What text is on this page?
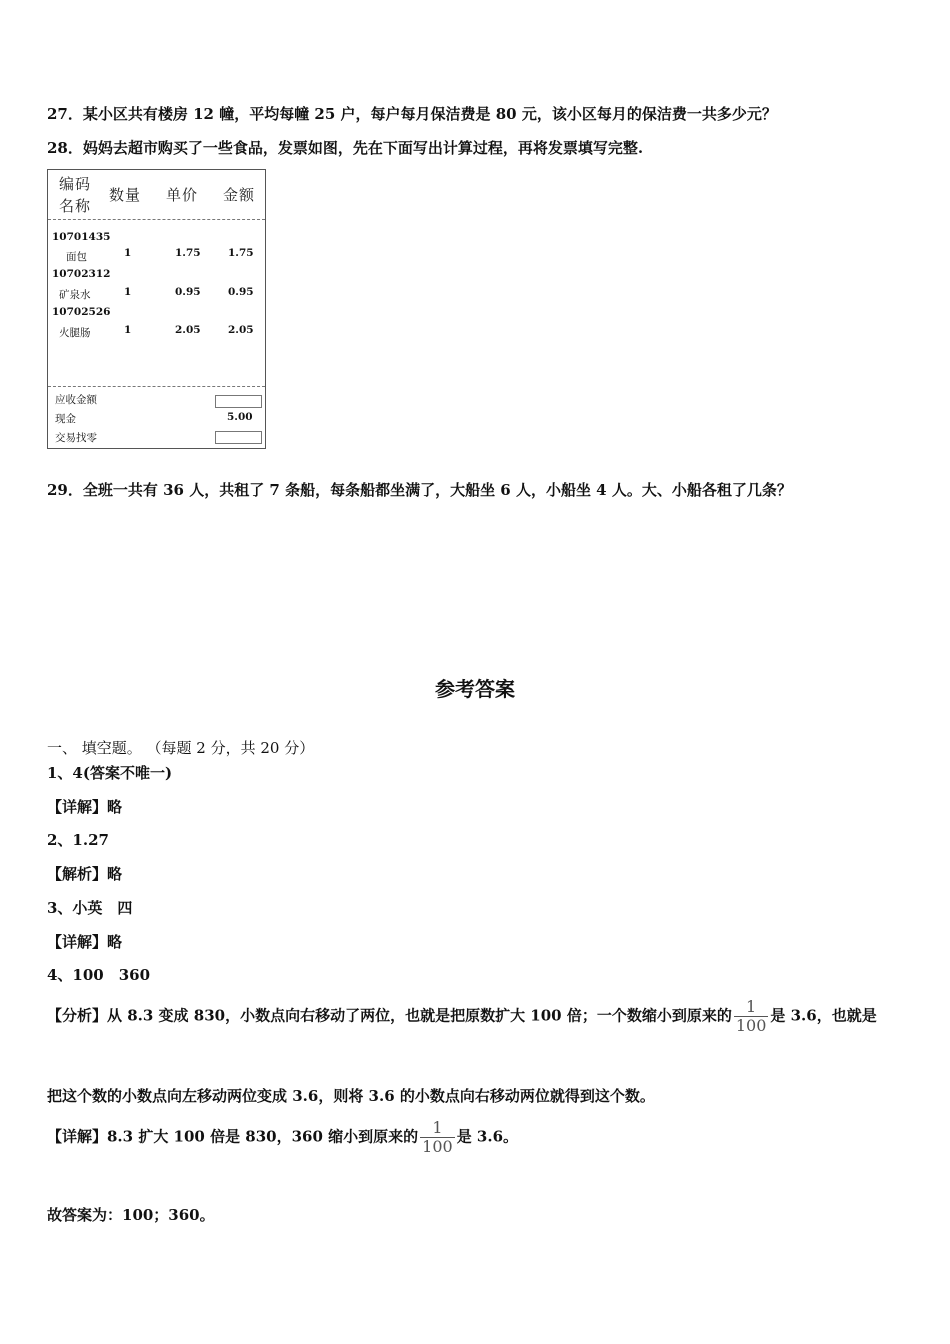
27．某小区共有楼房 12 幢，平均每幢 25 户，每户每月保洁费是 80 元，该小区每月的保洁费一共多少元？
28．妈妈去超市购买了一些食品，发票如图，先在下面写出计算过程，再将发票填写完整.
编码
名称
数量 单价 金额
10701435
面包	1	1.75	1.75
10702312
矿泉水	1	0.95	0.95
10702526
火腿肠	1	2.05	2.05
应收金额
现金	5.00
交易找零
29．全班一共有 36 人，共租了 7 条船，每条船都坐满了，大船坐 6 人，小船坐 4 人。大、小船各租了几条？
参考答案
一、 填空题。 （每题 2 分，共 20 分）
1、4(答案不唯一)
【详解】略
2、1.27
【解析】略
3、小英　四
【详解】略
4、100　360
【分析】从 8.3 变成 830，小数点向右移动了两位，也就是把原数扩大 100 倍；一个数缩小到原来的 $\frac{1}{100}$ 是 3.6，也就是
把这个数的小数点向左移动两位变成 3.6，则将 3.6 的小数点向右移动两位就得到这个数。
【详解】8.3 扩大 100 倍是 830，360 缩小到原来的 $\frac{1}{100}$ 是 3.6。
故答案为：100；360。
